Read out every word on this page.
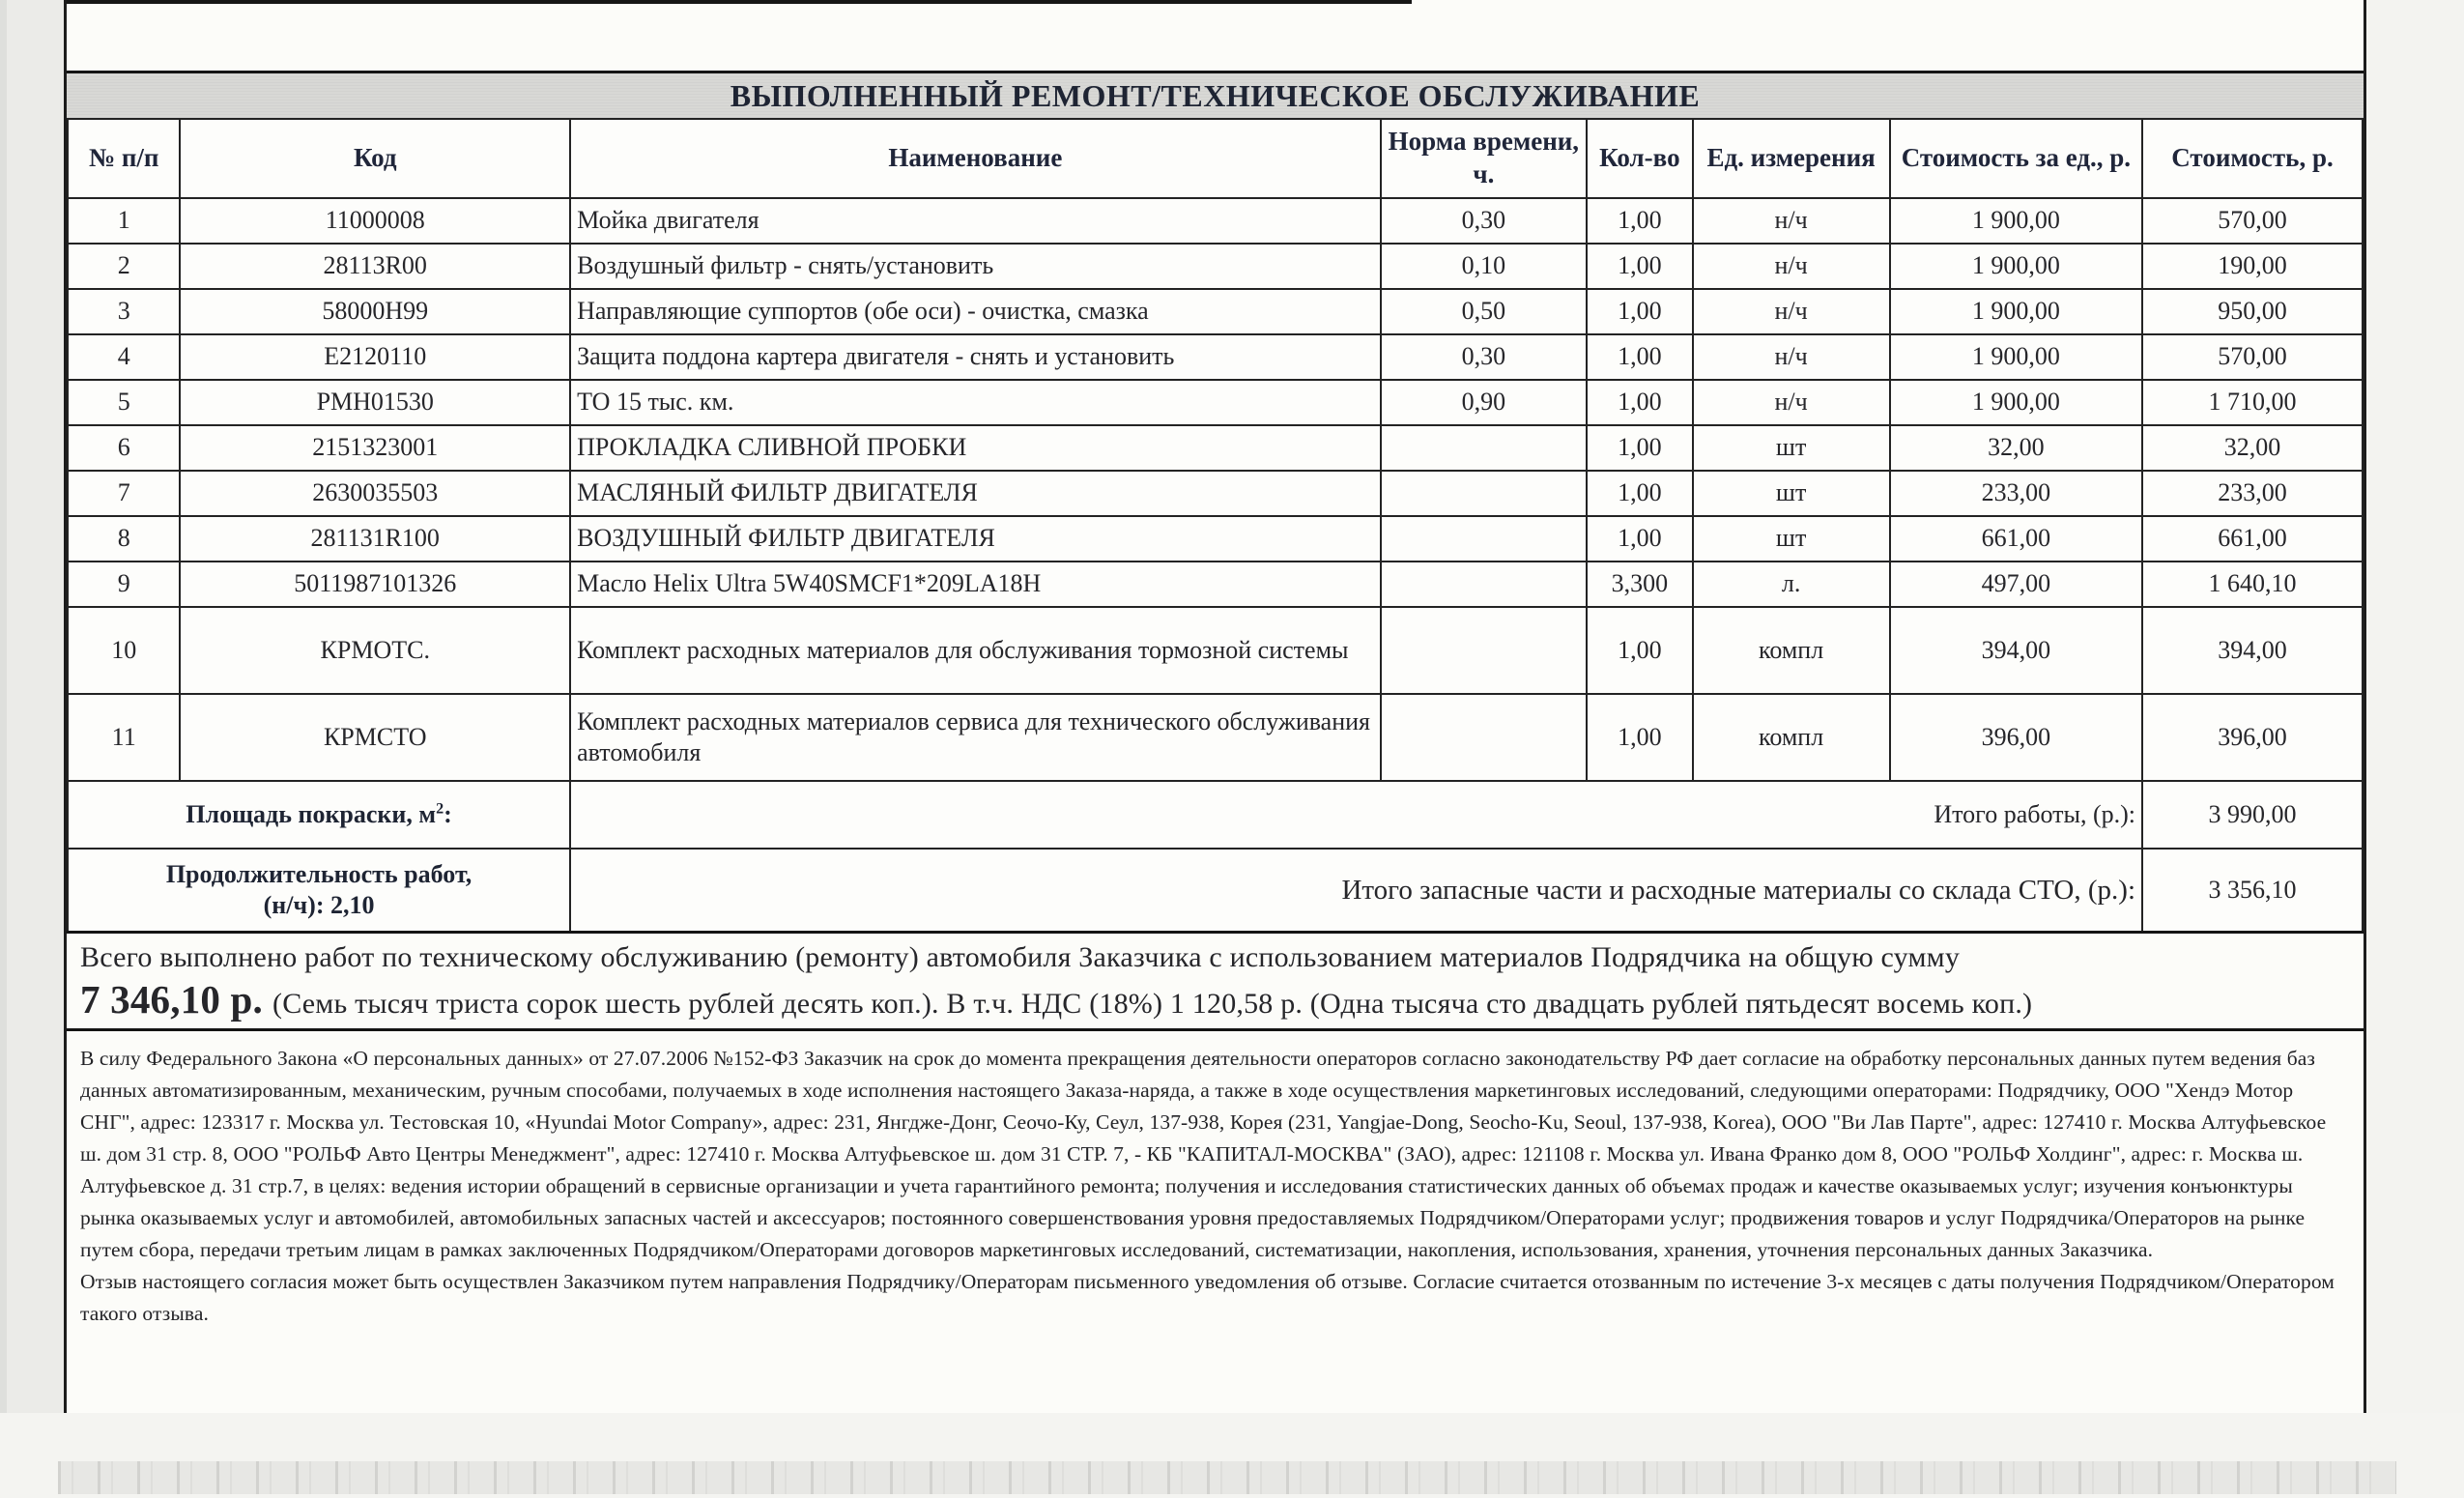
ВЫПОЛНЕННЫЙ РЕМОНТ/ТЕХНИЧЕСКОЕ ОБСЛУЖИВАНИЕ
№ п/п	Код	Наименование	Норма времени, ч.	Кол-во	Ед. измерения	Стоимость за ед., р.	Стоимость, р.
1	11000008	Мойка двигателя	0,30	1,00	н/ч	1 900,00	570,00
2	28113R00	Воздушный фильтр - снять/установить	0,10	1,00	н/ч	1 900,00	190,00
3	58000H99	Направляющие суппортов (обе оси) - очистка, смазка	0,50	1,00	н/ч	1 900,00	950,00
4	E2120110	Защита поддона картера двигателя - снять и установить	0,30	1,00	н/ч	1 900,00	570,00
5	PMH01530	ТО 15 тыс. км.	0,90	1,00	н/ч	1 900,00	1 710,00
6	2151323001	ПРОКЛАДКА СЛИВНОЙ ПРОБКИ		1,00	шт	32,00	32,00
7	2630035503	МАСЛЯНЫЙ ФИЛЬТР ДВИГАТЕЛЯ		1,00	шт	233,00	233,00
8	281131R100	ВОЗДУШНЫЙ ФИЛЬТР ДВИГАТЕЛЯ		1,00	шт	661,00	661,00
9	5011987101326	Масло Helix Ultra 5W40SMCF1*209LA18H		3,300	л.	497,00	1 640,10
10	КРМОТС.	Комплект расходных материалов для обслуживания тормозной системы		1,00	компл	394,00	394,00
11	КРМСТО	Комплект расходных материалов сервиса для технического обслуживания автомобиля		1,00	компл	396,00	396,00
Площадь покраски, $м^2$:		Итого работы, (р.):					3 990,00

Продолжительность работ,
(н/ч): 2,10		Итого запасные части и расходные материалы со склада СТО, (р.):					3 356,10
Всего выполнено работ по техническому обслуживанию (ремонту) автомобиля Заказчика с использованием материалов Подрядчика на общую сумму
7 346,10 р. (Семь тысяч триста сорок шесть рублей десять коп.). В т.ч. НДС (18%) 1 120,58 р. (Одна тысяча сто двадцать рублей пятьдесят восемь коп.)

В силу Федерального Закона «О персональных данных» от 27.07.2006 №152-ФЗ Заказчик на срок до момента прекращения деятельности операторов согласно законодательству РФ дает согласие на обработку персональных данных путем ведения баз данных автоматизированным, механическим, ручным способами, получаемых в ходе исполнения настоящего Заказа-наряда, а также в ходе осуществления маркетинговых исследований, следующими операторами: Подрядчику, ООО "Хендэ Мотор СНГ", адрес: 123317 г. Москва ул. Тестовская 10, «Hyundai Motor Company», адрес: 231, Янгдже-Донг, Сеочо-Ку, Сеул, 137-938, Корея (231, Yangjae-Dong, Seocho-Ku, Seoul, 137-938, Korea), ООО "Ви Лав Парте", адрес: 127410 г. Москва Алтуфьевское ш. дом 31 стр. 8, ООО "РОЛЬФ Авто Центры Менеджмент", адрес: 127410 г. Москва Алтуфьевское ш. дом 31 СТР. 7, - КБ "КАПИТАЛ-МОСКВА" (ЗАО), адрес: 121108 г. Москва ул. Ивана Франко дом 8, ООО "РОЛЬФ Холдинг", адрес: г. Москва ш. Алтуфьевское д. 31 стр.7, в целях: ведения истории обращений в сервисные организации и учета гарантийного ремонта; получения и исследования статистических данных об объемах продаж и качестве оказываемых услуг; изучения конъюнктуры рынка оказываемых услуг и автомобилей, автомобильных запасных частей и аксессуаров; постоянного совершенствования уровня предоставляемых Подрядчиком/Операторами услуг; продвижения товаров и услуг Подрядчика/Операторов на рынке путем сбора, передачи третьим лицам в рамках заключенных Подрядчиком/Операторами договоров маркетинговых исследований, систематизации, накопления, использования, хранения, уточнения персональных данных Заказчика.

Отзыв настоящего согласия может быть осуществлен Заказчиком путем направления Подрядчику/Операторам письменного уведомления об отзыве. Согласие считается отозванным по истечение 3-х месяцев с даты получения Подрядчиком/Оператором такого отзыва.
